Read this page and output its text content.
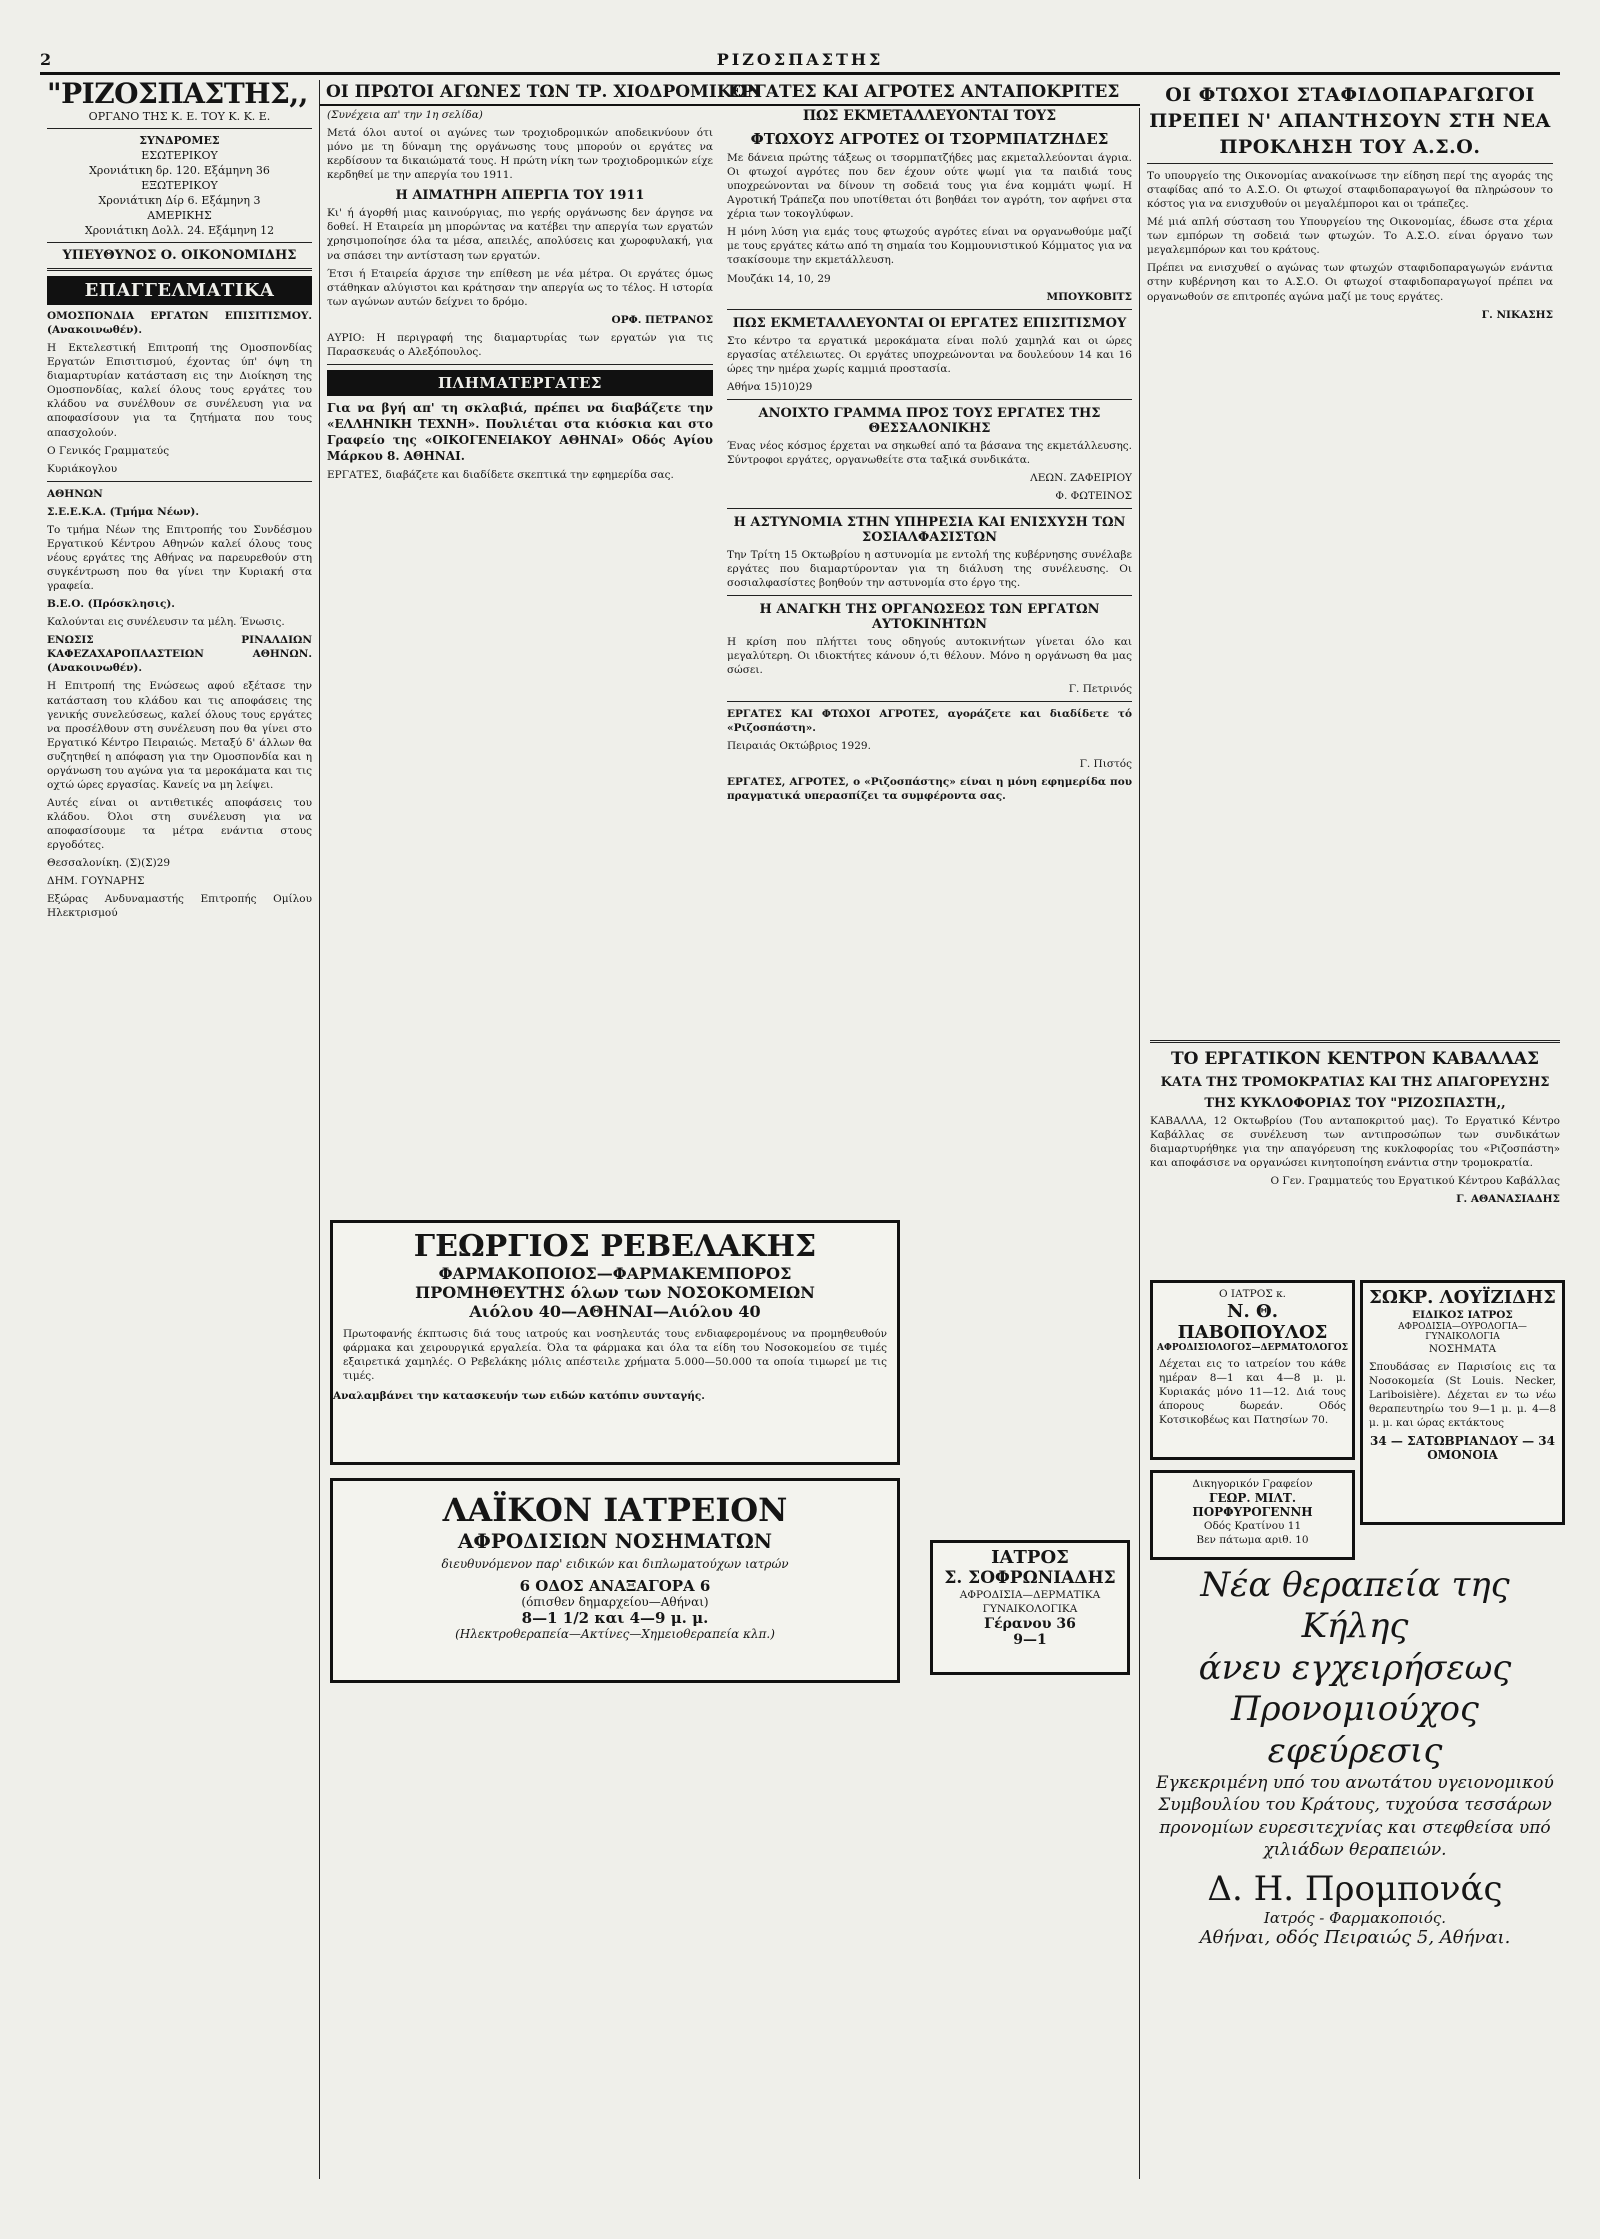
2	ΡΙΖΟΣΠΑΣΤΗΣ
ΟΙ ΠΡΩΤΟΙ ΑΓΩΝΕΣ ΤΩΝ ΤΡ. ΧΙΟΔΡΟΜΙΚΩΝ
ΕΡΓΑΤΕΣ ΚΑΙ ΑΓΡΟΤΕΣ ΑΝΤΑΠΟΚΡΙΤΕΣ
"ΡΙΖΟΣΠΑΣΤΗΣ,,
ΟΡΓΑΝΟ ΤΗΣ Κ. Ε. ΤΟΥ Κ. Κ. Ε.
ΣΥΝΔΡΟΜΕΣ
ΕΣΩΤΕΡΙΚΟΥ
Χρονιάτικη δρ. 120. Εξάμηνη 36
ΕΞΩΤΕΡΙΚΟΥ
Χρονιάτικη Δίρ 6. Εξάμηνη 3
ΑΜΕΡΙΚΗΣ
Χρονιάτικη Δολλ. 24. Εξάμηνη 12
ΥΠΕΥΘΥΝΟΣ Ο. ΟΙΚΟΝΟΜΙΔΗΣ
ΕΠΑΓΓΕΛΜΑΤΙΚΑ

ΟΜΟΣΠΟΝΔΙΑ ΕΡΓΑΤΩΝ ΕΠΙΣΙΤΙΣΜΟΥ. (Ανακοινωθέν).

Η Εκτελεστική Επιτροπή της Ομοσπονδίας Εργατών Επισιτισμού, έχοντας ύπ' όψη τη διαμαρτυρίαν κατάσταση εις την Διοίκηση της Ομοσπονδίας, καλεί όλους τους εργάτες του κλάδου να συνέλθουν σε συνέλευση για να αποφασίσουν για τα ζητήματα που τους απασχολούν.

Ο Γενικός Γραμματεύς

Κυριάκογλου

ΑΘΗΝΩΝ

Σ.Ε.Ε.Κ.Α. (Τμήμα Νέων).

Το τμήμα Νέων της Επιτροπής του Συνδέσμου Εργατικού Κέντρου Αθηνών καλεί όλους τους νέους εργάτες της Αθήνας να παρευρεθούν στη συγκέντρωση που θα γίνει την Κυριακή στα γραφεία.

Β.Ε.Ο. (Πρόσκλησις).

Καλούνται εις συνέλευσιν τα μέλη. Ένωσις.

ΕΝΩΣΙΣ ΡΙΝΑΛΔΙΩΝ ΚΑΦΕΖΑΧΑΡΟΠΛΑΣΤΕΙΩΝ ΑΘΗΝΩΝ. (Ανακοινωθέν).

Η Επιτροπή της Ενώσεως αφού εξέτασε την κατάσταση του κλάδου και τις αποφάσεις της γενικής συνελεύσεως, καλεί όλους τους εργάτες να προσέλθουν στη συνέλευση που θα γίνει στο Εργατικό Κέντρο Πειραιώς. Μεταξύ δ' άλλων θα συζητηθεί η απόφαση για την Ομοσπονδία και η οργάνωση του αγώνα για τα μεροκάματα και τις οχτώ ώρες εργασίας. Κανείς να μη λείψει.

Αυτές είναι οι αντιθετικές αποφάσεις του κλάδου. Όλοι στη συνέλευση για να αποφασίσουμε τα μέτρα ενάντια στους εργοδότες.

Θεσσαλονίκη. (Σ)(Σ)29

ΔΗΜ. ΓΟΥΝΑΡΗΣ

Εξώρας Ανδυναμαστής Επιτροπής Ομίλου Ηλεκτρισμού

(Συνέχεια απ' την 1η σελίδα)

Μετά όλοι αυτοί οι αγώνες των τροχιοδρομικών αποδεικνύουν ότι μόνο με τη δύναμη της οργάνωσης τους μπορούν οι εργάτες να κερδίσουν τα δικαιώματά τους. Η πρώτη νίκη των τροχιοδρομικών είχε κερδηθεί με την απεργία του 1911.

Η ΑΙΜΑΤΗΡΗ ΑΠΕΡΓΙΑ ΤΟΥ 1911

Κι' ή άγορθή μιας καινούργιας, πιο γερής οργάνωσης δεν άργησε να δοθεί. Η Εταιρεία μη μπορώντας να κατέβει την απεργία των εργατών χρησιμοποίησε όλα τα μέσα, απειλές, απολύσεις και χωροφυλακή, για να σπάσει την αντίσταση των εργατών.

Έτσι ή Εταιρεία άρχισε την επίθεση με νέα μέτρα. Οι εργάτες όμως στάθηκαν αλύγιστοι και κράτησαν την απεργία ως το τέλος. Η ιστορία των αγώνων αυτών δείχνει το δρόμο.

ΟΡΦ. ΠΕΤΡΑΝΟΣ

ΑΥΡΙΟ: Η περιγραφή της διαμαρτυρίας των εργατών για τις Παρασκευάς ο Αλεξόπουλος.

ΠΛΗΜΑΤΕΡΓΑΤΕΣ

Για να βγή απ' τη σκλαβιά, πρέπει να διαβάζετε την «ΕΛΛΗΝΙΚΗ ΤΕΧΝΗ». Πουλιέται στα κιόσκια και στο Γραφείο της «ΟΙΚΟΓΕΝΕΙΑΚΟΥ ΑΘΗΝΑΙ» Οδός Αγίου Μάρκου 8. ΑΘΗΝΑΙ.

ΕΡΓΑΤΕΣ, διαβάζετε και διαδίδετε σκεπτικά την εφημερίδα σας.

ΠΩΣ ΕΚΜΕΤΑΛΛΕΥΟΝΤΑΙ ΤΟΥΣ
ΦΤΩΧΟΥΣ ΑΓΡΟΤΕΣ ΟΙ ΤΣΟΡΜΠΑΤΖΗΔΕΣ

Με δάνεια πρώτης τάξεως οι τσορμπατζήδες μας εκμεταλλεύονται άγρια. Οι φτωχοί αγρότες που δεν έχουν ούτε ψωμί για τα παιδιά τους υποχρεώνονται να δίνουν τη σοδειά τους για ένα κομμάτι ψωμί. Η Αγροτική Τράπεζα που υποτίθεται ότι βοηθάει τον αγρότη, τον αφήνει στα χέρια των τοκογλύφων.

Η μόνη λύση για εμάς τους φτωχούς αγρότες είναι να οργανωθούμε μαζί με τους εργάτες κάτω από τη σημαία του Κομμουνιστικού Κόμματος για να τσακίσουμε την εκμετάλλευση.

Μουζάκι 14, 10, 29

ΜΠΟΥΚΟΒΙΤΣ

ΠΩΣ ΕΚΜΕΤΑΛΛΕΥΟΝΤΑΙ ΟΙ ΕΡΓΑΤΕΣ ΕΠΙΣΙΤΙΣΜΟΥ

Στο κέντρο τα εργατικά μεροκάματα είναι πολύ χαμηλά και οι ώρες εργασίας ατέλειωτες. Οι εργάτες υποχρεώνονται να δουλεύουν 14 και 16 ώρες την ημέρα χωρίς καμμιά προστασία.

Αθήνα 15)10)29

ΑΝΟΙΧΤΟ ΓΡΑΜΜΑ ΠΡΟΣ ΤΟΥΣ ΕΡΓΑΤΕΣ ΤΗΣ ΘΕΣΣΑΛΟΝΙΚΗΣ

Ένας νέος κόσμος έρχεται να σηκωθεί από τα βάσανα της εκμετάλλευσης. Σύντροφοι εργάτες, οργανωθείτε στα ταξικά συνδικάτα.

ΛΕΩΝ. ΖΑΦΕΙΡΙΟΥ

Φ. ΦΩΤΕΙΝΟΣ

Η ΑΣΤΥΝΟΜΙΑ ΣΤΗΝ ΥΠΗΡΕΣΙΑ ΚΑΙ ΕΝΙΣΧΥΣΗ ΤΩΝ ΣΟΣΙΑΛΦΑΣΙΣΤΩΝ

Την Τρίτη 15 Οκτωβρίου η αστυνομία με εντολή της κυβέρνησης συνέλαβε εργάτες που διαμαρτύρονταν για τη διάλυση της συνέλευσης. Οι σοσιαλφασίστες βοηθούν την αστυνομία στο έργο της.

Η ΑΝΑΓΚΗ ΤΗΣ ΟΡΓΑΝΩΣΕΩΣ ΤΩΝ ΕΡΓΑΤΩΝ ΑΥΤΟΚΙΝΗΤΩΝ

Η κρίση που πλήττει τους οδηγούς αυτοκινήτων γίνεται όλο και μεγαλύτερη. Οι ιδιοκτήτες κάνουν ό,τι θέλουν. Μόνο η οργάνωση θα μας σώσει.

Γ. Πετρινός

ΕΡΓΑΤΕΣ ΚΑΙ ΦΤΩΧΟΙ ΑΓΡΟΤΕΣ, αγοράζετε και διαδίδετε τό «Ριζοσπάστη».

Πειραιάς Οκτώβριος 1929.

Γ. Πιστός

ΕΡΓΑΤΕΣ, ΑΓΡΟΤΕΣ, ο «Ριζοσπάστης» είναι η μόνη εφημερίδα που πραγματικά υπερασπίζει τα συμφέροντα σας.

ΟΙ ΦΤΩΧΟΙ ΣΤΑΦΙΔΟΠΑΡΑΓΩΓΟΙ
ΠΡΕΠΕΙ Ν' ΑΠΑΝΤΗΣΟΥΝ ΣΤΗ ΝΕΑ
ΠΡΟΚΛΗΣΗ ΤΟΥ Α.Σ.Ο.

Το υπουργείο της Οικονομίας ανακοίνωσε την είδηση περί της αγοράς της σταφίδας από το Α.Σ.Ο. Οι φτωχοί σταφιδοπαραγωγοί θα πληρώσουν το κόστος για να ενισχυθούν οι μεγαλέμποροι και οι τράπεζες.

Μέ μιά απλή σύσταση του Υπουργείου της Οικονομίας, έδωσε στα χέρια των εμπόρων τη σοδειά των φτωχών. Το Α.Σ.Ο. είναι όργανο των μεγαλεμπόρων και του κράτους.

Πρέπει να ενισχυθεί ο αγώνας των φτωχών σταφιδοπαραγωγών ενάντια στην κυβέρνηση και το Α.Σ.Ο. Οι φτωχοί σταφιδοπαραγωγοί πρέπει να οργανωθούν σε επιτροπές αγώνα μαζί με τους εργάτες.

Γ. ΝΙΚΑΣΗΣ

ΤΟ ΕΡΓΑΤΙΚΟΝ ΚΕΝΤΡΟΝ ΚΑΒΑΛΛΑΣ
ΚΑΤΑ ΤΗΣ ΤΡΟΜΟΚΡΑΤΙΑΣ ΚΑΙ ΤΗΣ ΑΠΑΓΟΡΕΥΣΗΣ
ΤΗΣ ΚΥΚΛΟΦΟΡΙΑΣ ΤΟΥ "ΡΙΖΟΣΠΑΣΤΗ,,

ΚΑΒΑΛΛΑ, 12 Οκτωβρίου (Του ανταποκριτού μας). Το Εργατικό Κέντρο Καβάλλας σε συνέλευση των αντιπροσώπων των συνδικάτων διαμαρτυρήθηκε για την απαγόρευση της κυκλοφορίας του «Ριζοσπάστη» και αποφάσισε να οργανώσει κινητοποίηση ενάντια στην τρομοκρατία.

Ο Γεν. Γραμματεύς του Εργατικού Κέντρου Καβάλλας

Γ. ΑΘΑΝΑΣΙΑΔΗΣ

ΓΕΩΡΓΙΟΣ ΡΕΒΕΛΑΚΗΣ
ΦΑΡΜΑΚΟΠΟΙΟΣ—ΦΑΡΜΑΚΕΜΠΟΡΟΣ
ΠΡΟΜΗΘΕΥΤΗΣ όλων των ΝΟΣΟΚΟΜΕΙΩΝ
Αιόλου 40—ΑΘΗΝΑΙ—Αιόλου 40

Πρωτοφανής έκπτωσις διά τους ιατρούς και νοσηλευτάς τους ενδιαφερομένους να προμηθευθούν φάρμακα και χειρουργικά εργαλεία. Όλα τα φάρμακα και όλα τα είδη του Νοσοκομείου σε τιμές εξαιρετικά χαμηλές. Ο Ρεβελάκης μόλις απέστειλε χρήματα 5.000—50.000 τα οποία τιμωρεί με τις τιμές.

Αναλαμβάνει την κατασκευήν των ειδών κατόπιν συνταγής.

ΛΑΪΚΟΝ ΙΑΤΡΕΙΟΝ
ΑΦΡΟΔΙΣΙΩΝ ΝΟΣΗΜΑΤΩΝ
διευθυνόμενον παρ' ειδικών και διπλωματούχων ιατρών
6 ΟΔΟΣ ΑΝΑΞΑΓΟΡΑ 6
(όπισθεν δημαρχείου—Αθήναι)
8—1 1/2 και 4—9 μ. μ.
(Ηλεκτροθεραπεία—Ακτίνες—Χημειοθεραπεία κλπ.)
ΙΑΤΡΟΣ
Σ. ΣΟΦΡΩΝΙΑΔΗΣ
ΑΦΡΟΔΙΣΙΑ—ΔΕΡΜΑΤΙΚΑ ΓΥΝΑΙΚΟΛΟΓΙΚΑ
Γέρανου 36
9—1
Ο ΙΑΤΡΟΣ κ.
Ν. Θ. ΠΑΒΟΠΟΥΛΟΣ
ΑΦΡΟΔΙΣΙΟΛΟΓΟΣ—ΔΕΡΜΑΤΟΛΟΓΟΣ

Δέχεται εις το ιατρείον του κάθε ημέραν 8—1 και 4—8 μ. μ. Κυριακάς μόνο 11—12. Διά τους άπορους δωρεάν. Οδός Κοτσικοβέως και Πατησίων 70.

ΣΩΚΡ. ΛΟΥΪΖΙΔΗΣ
ΕΙΔΙΚΟΣ ΙΑΤΡΟΣ
ΑΦΡΟΔΙΣΙΑ—ΟΥΡΟΛΟΓΙΑ—ΓΥΝΑΙΚΟΛΟΓΙΑ
ΝΟΣΗΜΑΤΑ

Σπουδάσας εν Παρισίοις εις τα Νοσοκομεία (St Louis. Necker, Lariboisière). Δέχεται εν τω νέω θεραπευτηρίω του 9—1 μ. μ. 4—8 μ. μ. και ώρας εκτάκτους

34 — ΣΑΤΩΒΡΙΑΝΔΟΥ — 34
ΟΜΟΝΟΙΑ
Δικηγορικόν Γραφείον
ΓΕΩΡ. ΜΙΛΤ. ΠΟΡΦΥΡΟΓΕΝΝΗ
Οδός Κρατίνου 11
Βεν πάτωμα αριθ. 10
Νέα θεραπεία της Κήλης
άνευ εγχειρήσεως
Προνομιούχος εφεύρεσις
Εγκεκριμένη υπό του ανωτάτου υγειονομικού Συμβουλίου του Κράτους, τυχούσα τεσσάρων προνομίων ευρεσιτεχνίας και στεφθείσα υπό χιλιάδων θεραπειών.
Δ. Η. Προμπονάς
Ιατρός - Φαρμακοποιός.
Αθήναι, οδός Πειραιώς 5, Αθήναι.
